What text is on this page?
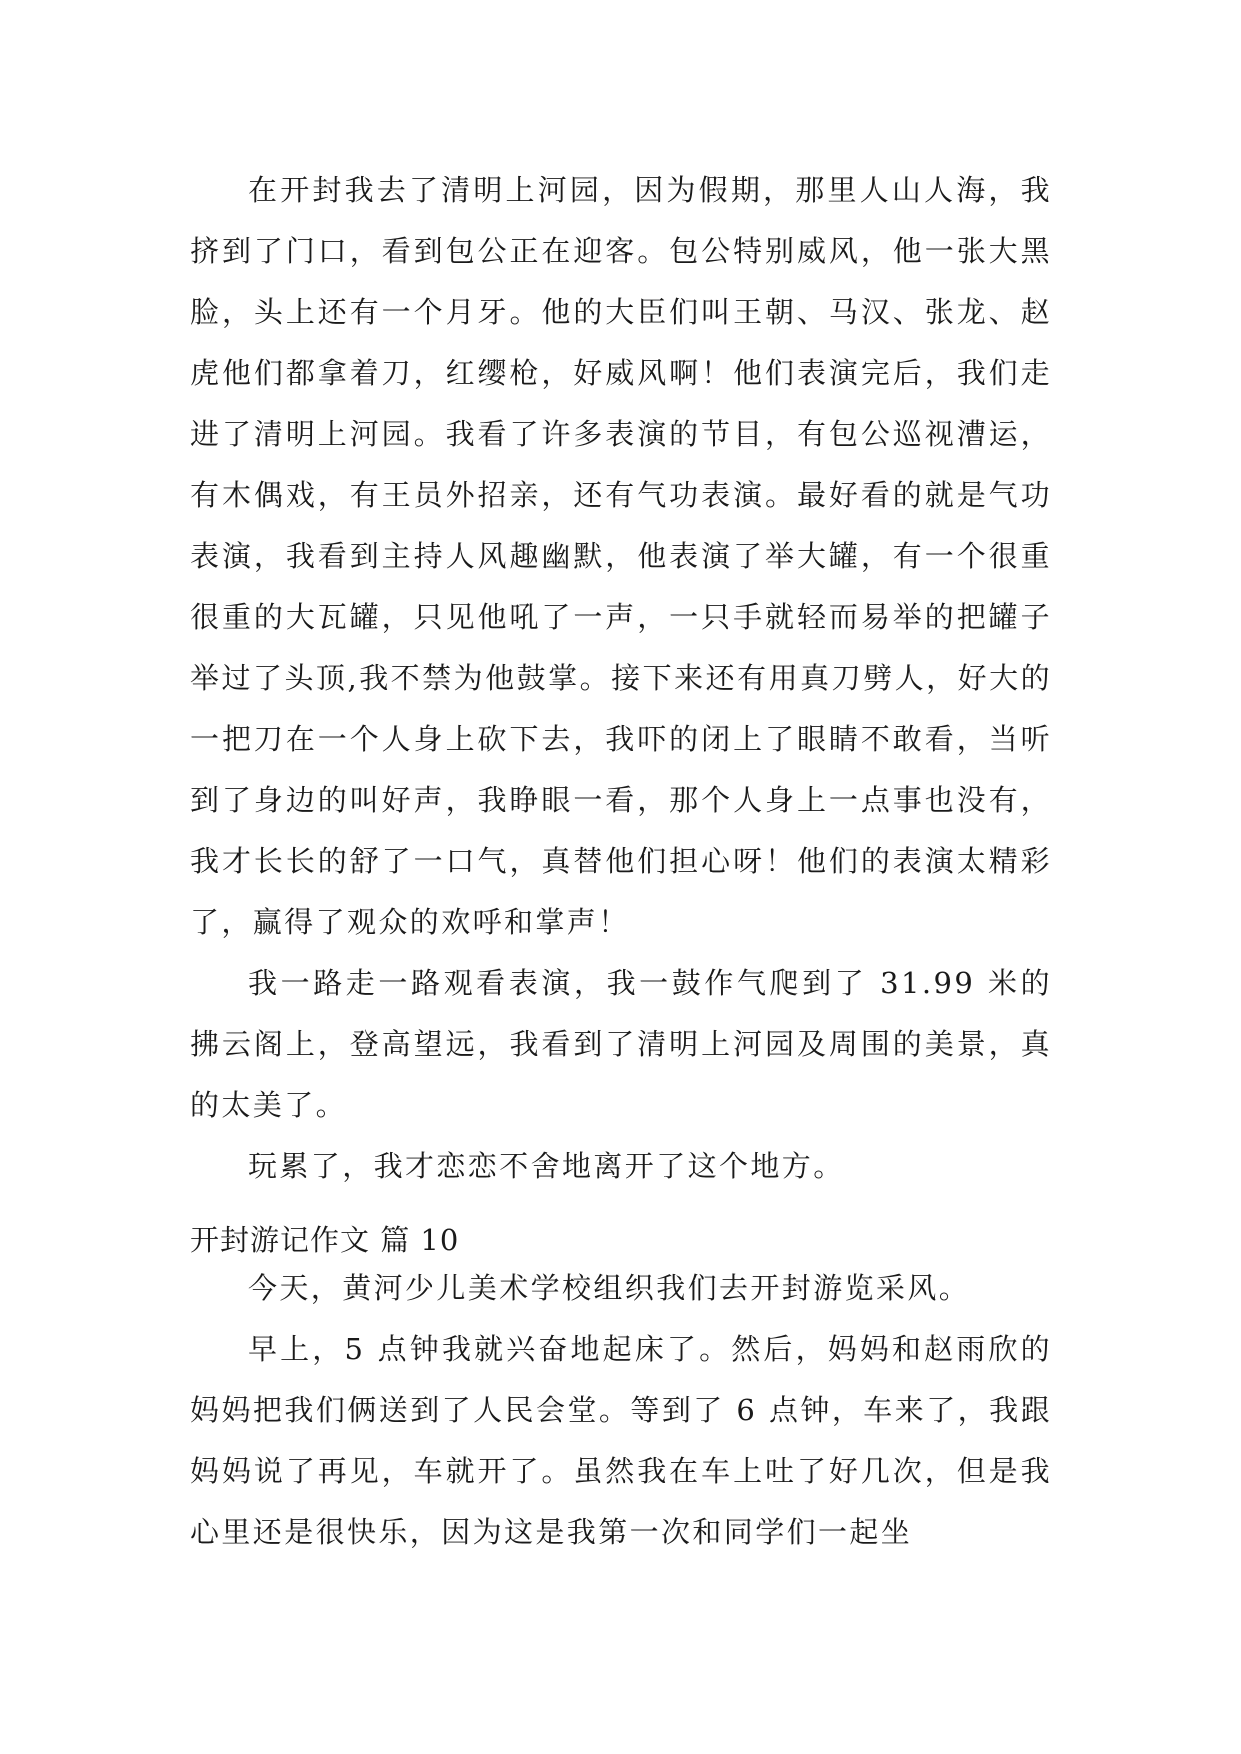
在开封我去了清明上河园，因为假期，那里人山人海，我挤到了门口，看到包公正在迎客。包公特别威风，他一张大黑脸，头上还有一个月牙。他的大臣们叫王朝、马汉、张龙、赵虎他们都拿着刀，红缨枪，好威风啊！他们表演完后，我们走进了清明上河园。我看了许多表演的节目，有包公巡视漕运，有木偶戏，有王员外招亲，还有气功表演。最好看的就是气功表演，我看到主持人风趣幽默，他表演了举大罐，有一个很重很重的大瓦罐，只见他吼了一声，一只手就轻而易举的把罐子举过了头顶,我不禁为他鼓掌。接下来还有用真刀劈人，好大的一把刀在一个人身上砍下去，我吓的闭上了眼睛不敢看，当听到了身边的叫好声，我睁眼一看，那个人身上一点事也没有，我才长长的舒了一口气，真替他们担心呀！他们的表演太精彩了，赢得了观众的欢呼和掌声！

我一路走一路观看表演，我一鼓作气爬到了 31.99 米的拂云阁上，登高望远，我看到了清明上河园及周围的美景，真的太美了。

玩累了，我才恋恋不舍地离开了这个地方。

开封游记作文 篇 10

今天，黄河少儿美术学校组织我们去开封游览采风。

早上，5 点钟我就兴奋地起床了。然后，妈妈和赵雨欣的妈妈把我们俩送到了人民会堂。等到了 6 点钟，车来了，我跟妈妈说了再见，车就开了。虽然我在车上吐了好几次，但是我心里还是很快乐，因为这是我第一次和同学们一起坐
